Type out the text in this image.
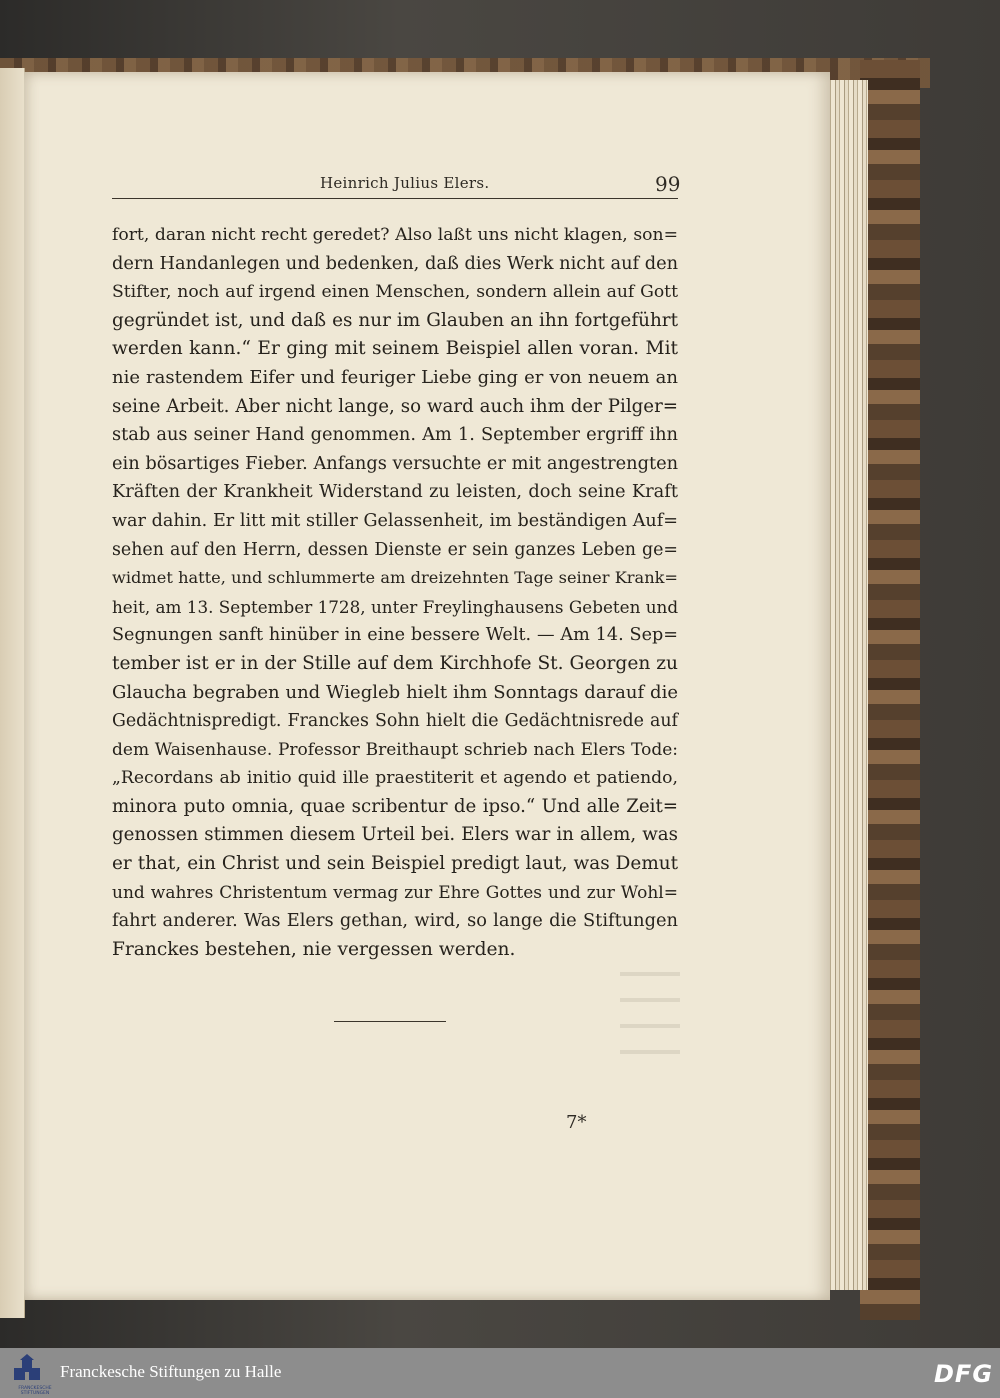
Heinrich Julius Elers.	99
fort, daran nicht recht geredet? Also laßt uns nicht klagen, son=
dern Handanlegen und bedenken, daß dies Werk nicht auf den
Stifter, noch auf irgend einen Menschen, sondern allein auf Gott
gegründet ist, und daß es nur im Glauben an ihn fortgeführt
werden kann.“ Er ging mit seinem Beispiel allen voran. Mit
nie rastendem Eifer und feuriger Liebe ging er von neuem an
seine Arbeit. Aber nicht lange, so ward auch ihm der Pilger=
stab aus seiner Hand genommen. Am 1. September ergriff ihn
ein bösartiges Fieber. Anfangs versuchte er mit angestrengten
Kräften der Krankheit Widerstand zu leisten, doch seine Kraft
war dahin. Er litt mit stiller Gelassenheit, im beständigen Auf=
sehen auf den Herrn, dessen Dienste er sein ganzes Leben ge=
widmet hatte, und schlummerte am dreizehnten Tage seiner Krank=
heit, am 13. September 1728, unter Freylinghausens Gebeten und
Segnungen sanft hinüber in eine bessere Welt. — Am 14. Sep=
tember ist er in der Stille auf dem Kirchhofe St. Georgen zu
Glaucha begraben und Wiegleb hielt ihm Sonntags darauf die
Gedächtnispredigt. Franckes Sohn hielt die Gedächtnisrede auf
dem Waisenhause. Professor Breithaupt schrieb nach Elers Tode:
„Recordans ab initio quid ille praestiterit et agendo et patiendo,
minora puto omnia, quae scribentur de ipso.“ Und alle Zeit=
genossen stimmen diesem Urteil bei. Elers war in allem, was
er that, ein Christ und sein Beispiel predigt laut, was Demut
und wahres Christentum vermag zur Ehre Gottes und zur Wohl=
fahrt anderer. Was Elers gethan, wird, so lange die Stiftungen
Franckes bestehen, nie vergessen werden.
7*
FRANCKESCHE STIFTUNGEN
Franckesche Stiftungen zu Halle	DFG
